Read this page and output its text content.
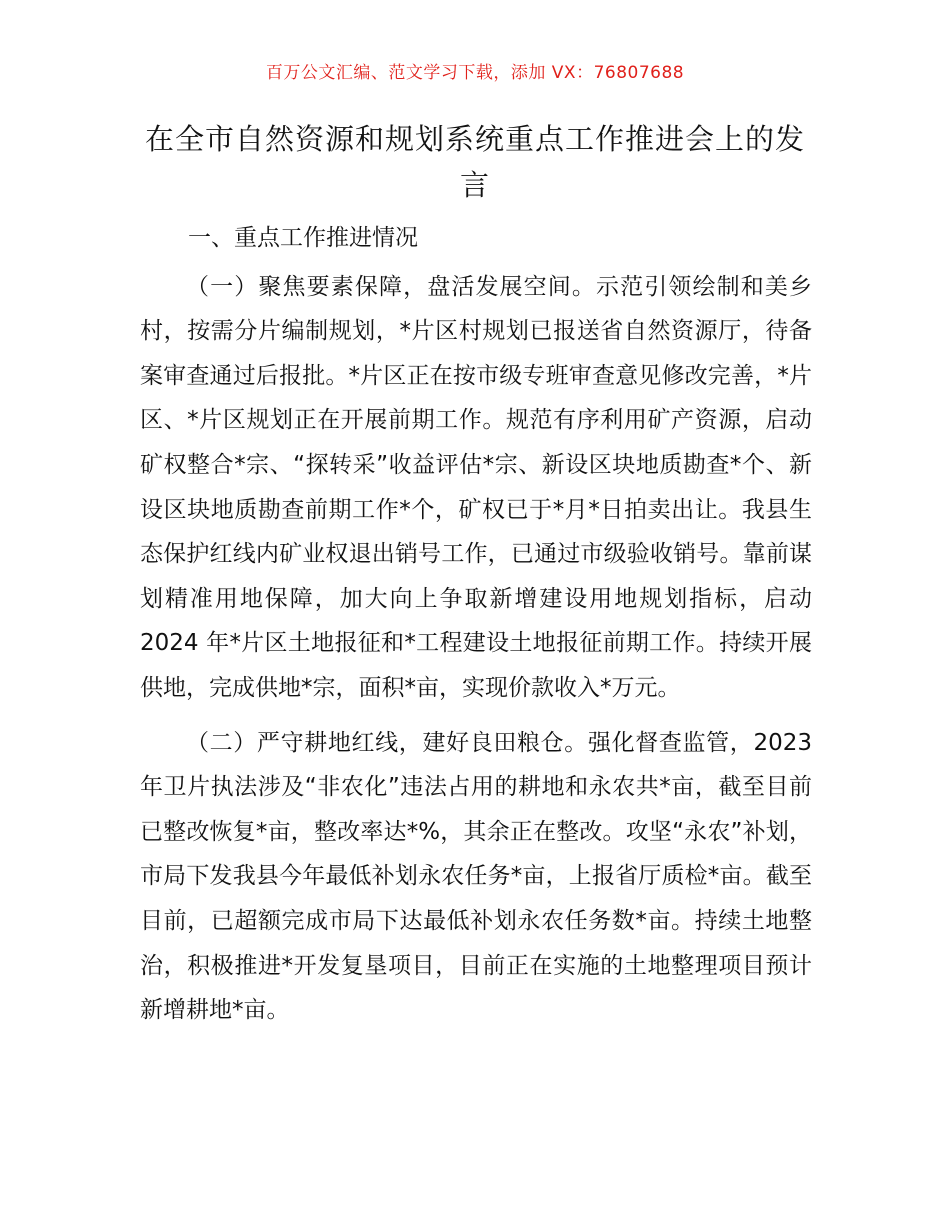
百万公文汇编、范文学习下载，添加 VX：76807688
在全市自然资源和规划系统重点工作推进会上的发言

一、重点工作推进情况

（一）聚焦要素保障，盘活发展空间。示范引领绘制和美乡村，按需分片编制规划，*片区村规划已报送省自然资源厅，待备案审查通过后报批。*片区正在按市级专班审查意见修改完善，*片区、*片区规划正在开展前期工作。规范有序利用矿产资源，启动矿权整合*宗、“探转采”收益评估*宗、新设区块地质勘查*个、新设区块地质勘查前期工作*个，矿权已于*月*日拍卖出让。我县生态保护红线内矿业权退出销号工作，已通过市级验收销号。靠前谋划精准用地保障，加大向上争取新增建设用地规划指标，启动 2024 年*片区土地报征和*工程建设土地报征前期工作。持续开展供地，完成供地*宗，面积*亩，实现价款收入*万元。

（二）严守耕地红线，建好良田粮仓。强化督查监管，2023 年卫片执法涉及“非农化”违法占用的耕地和永农共*亩，截至目前已整改恢复*亩，整改率达*%，其余正在整改。攻坚“永农”补划，市局下发我县今年最低补划永农任务*亩，上报省厅质检*亩。截至目前，已超额完成市局下达最低补划永农任务数*亩。持续土地整治，积极推进*开发复垦项目，目前正在实施的土地整理项目预计新增耕地*亩。
